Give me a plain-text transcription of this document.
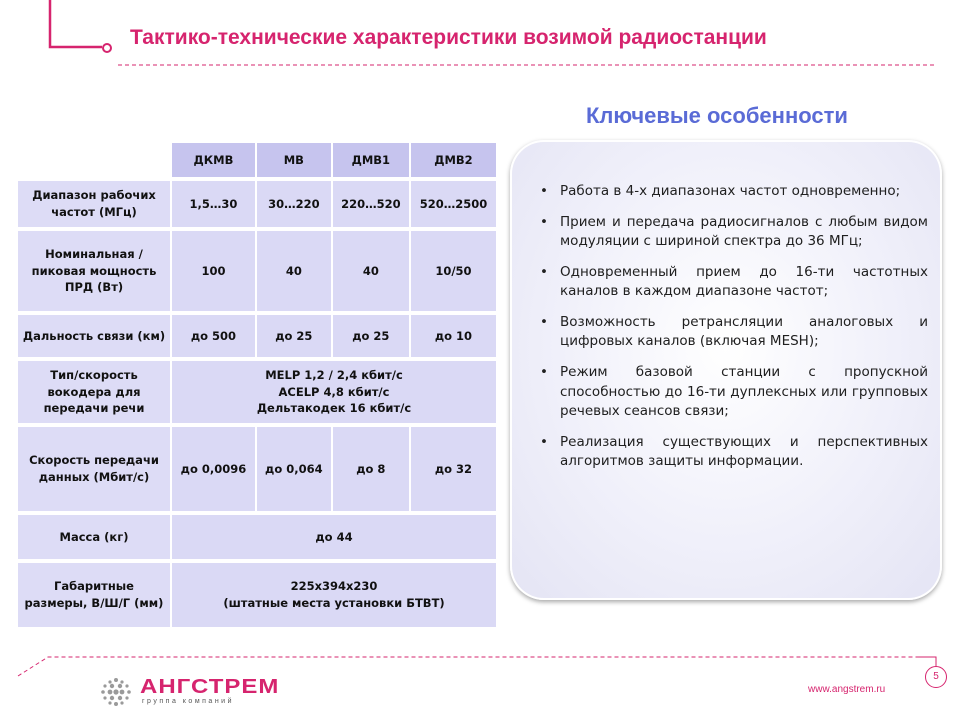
Тактико-технические характеристики возимой радиостанции
	ДКМВ	МВ	ДМВ1	ДМВ2
Диапазон рабочих частот (МГц)	1,5…30	30…220	220…520	520…2500
Номинальная /пиковая мощность ПРД (Вт)	100	40	40	10/50
Дальность связи (км)	до 500	до 25	до 25	до 10
Тип/скорость вокодера для передачи речи	MELP 1,2 / 2,4 кбит/с
ACELP 4,8 кбит/с
Дельтакодек 16 кбит/с			

Скорость передачи данных (Мбит/с)	до 0,0096	до 0,064	до 8	до 32
Масса (кг)	до 44			
Габаритные размеры, В/Ш/Г (мм)	225х394х230
(штатные места установки БТВТ)			
Ключевые особенности
• Работа в 4-х диапазонах частот одновременно;
• Прием и передача радиосигналов с любым видом модуляции с шириной спектра до 36 МГц;
• Одновременный прием до 16-ти частотных каналов в каждом диапазоне частот;
• Возможность ретрансляции аналоговых и цифровых каналов (включая MESH);
• Режим базовой станции с пропускной способностью до 16-ти дуплексных или групповых речевых сеансов связи;
• Реализация существующих и перспективных алгоритмов защиты информации.
АНГСТРЕМ
группа компаний
www.angstrem.ru
5
